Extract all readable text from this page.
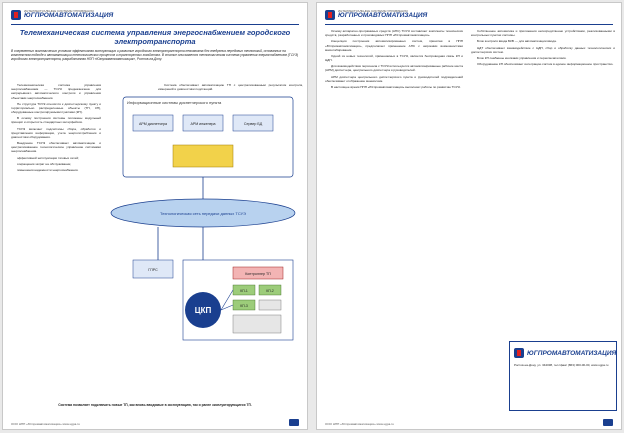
ИНТЕЛЛЕКТУАЛЬНЫЕ СИСТЕМЫ УПРАВЛЕНИЯ
ЮГПРОМАВТОМАТИЗАЦИЯ
Телемеханическая система управления энергоснабжением городского электротранспорта
В современных экономических условиях эффективная эксплуатация и развитие городского электротранспорта невозможна без внедрения передовых технологий, основанных на комплексном подходе к автоматизации технологических процессов и транспортных хозяйствах. В статье описывается технологическая система управления энергоснабжением (ТСУЭ) городского электротранспорта, разработанная НПП «Югпромавтоматизация», Ростов-на-Дону.

Телемеханическая система управления энергоснабжением — ТСУЭ предназначена для непрерывного автоматического контроля и управления объектами энергоснабжения.

Не структура ТСУЭ относится к диспетчерскому пункту и территориально распределенные объекты (ТП, КП), оборудованные контролируемыми пунктами (КП).

В основу построения системы положены модульный принцип и открытость стандартных интерфейсов.

ТСУЭ включает подсистемы сбора, обработки и представления информации, учета энергопотребления и диагностики оборудования.

Внедрение ТСУЭ обеспечивает автоматизацию и централизованное технологическое управление системами энергоснабжения.

эффективной эксплуатации тяговых сетей;

сокращения затрат на обслуживание;

повышения надежности энергоснабжения.

Система обеспечивает автоматизацию ТП с централизованным результатом контроля, измерений и диагностики подстанций.

Информационные системы диспетчерского пункта
АРМ диспетчера	АРМ инженера	Сервер БД
Технологическая сеть передачи данных ТСУЭ
ГПРС
ЦКП
Контроллер ТП
КП-1	КП-2
КП-3
Система позволяет подключать новые ТП, как вновь вводимые в эксплуатацию, так и ранее эксплуатирующиеся ТП.
ООО НПП «Югпромавтоматизация» www.ugpa.ru
ИНТЕЛЛЕКТУАЛЬНЫЕ СИСТЕМЫ УПРАВЛЕНИЯ
ЮГПРОМАВТОМАТИЗАЦИЯ

Основу аппаратно-программных средств (АПС) ТСУЭ составляют комплексы технических средств, разработанных и производимых НПП «Югпромавтоматизация».

Концепция построения автоматизированных систем, принятая в НПП «Югпромавтоматизация», предполагает применение АПС с широкими возможностями масштабирования.

Одной из новых технологий, применяемых в ТСУЭ, является беспроводная связь КП и ЦДП.

Для взаимодействия персонала с ТСУЭ используются автоматизированные рабочие места (АРМ) диспетчера, центрального диспетчера и руководителей.

АРМ диспетчера центрального диспетчерского пункта и руководителей подразделений обеспечивают отображение мнемосхем.

В настоящее время НПП «Югпромавтоматизация» выполняет работы по развитию ТСУЭ.

Собственное автоматика и приложения непосредственно устройствами, реализованными в контрольных пунктах системы.

Блок контроля ввода БКВ — для автоматизации ввода.

ЦДТ обеспечивает взаимодействие с ЦДП, сбор и обработку данных технологических и диспетчерских систем.

Блок КП снабжены кнопками управления и переключателями.

Оборудование КП обеспечивает интеграцию систем в единое информационное пространство.

ЮГПРОМАВТОМАТИЗАЦИЯ
Ростов-на-Дону, ул. 344038, тел./факс (863) 000-00-00, www.ugpa.ru
ООО НПП «Югпромавтоматизация» www.ugpa.ru
